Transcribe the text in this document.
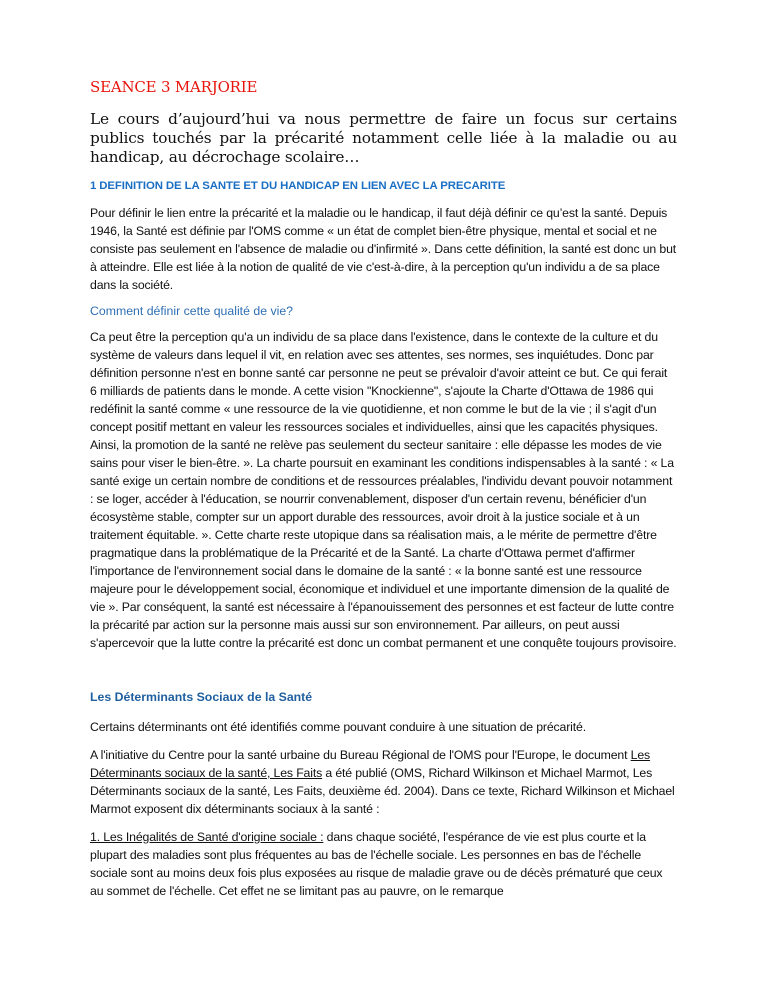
SEANCE 3 MARJORIE

Le cours d’aujourd’hui va nous permettre de faire un focus sur certains publics touchés par la précarité notamment celle liée à la maladie ou au handicap, au décrochage scolaire…

1 DEFINITION DE LA SANTE ET DU HANDICAP EN LIEN AVEC LA PRECARITE

Pour définir le lien entre la précarité et la maladie ou le handicap, il faut déjà définir ce qu’est la santé. Depuis 1946, la Santé est définie par l'OMS comme « un état de complet bien-être physique, mental et social et ne consiste pas seulement en l'absence de maladie ou d'infirmité ». Dans cette définition, la santé est donc un but à atteindre. Elle est liée à la notion de qualité de vie c'est-à-dire, à la perception qu'un individu a de sa place dans la société.

Comment définir cette qualité de vie?

Ca peut être la perception qu'a un individu de sa place dans l'existence, dans le contexte de la culture et du système de valeurs dans lequel il vit, en relation avec ses attentes, ses normes, ses inquiétudes. Donc par définition personne n'est en bonne santé car personne ne peut se prévaloir d'avoir atteint ce but. Ce qui ferait 6 milliards de patients dans le monde. A cette vision "Knockienne", s'ajoute la Charte d'Ottawa de 1986 qui redéfinit la santé comme « une ressource de la vie quotidienne, et non comme le but de la vie ; il s'agit d'un concept positif mettant en valeur les ressources sociales et individuelles, ainsi que les capacités physiques. Ainsi, la promotion de la santé ne relève pas seulement du secteur sanitaire : elle dépasse les modes de vie sains pour viser le bien-être. ». La charte poursuit en examinant les conditions indispensables à la santé : « La santé exige un certain nombre de conditions et de ressources préalables, l'individu devant pouvoir notamment : se loger, accéder à l'éducation, se nourrir convenablement, disposer d'un certain revenu, bénéficier d'un écosystème stable, compter sur un apport durable des ressources, avoir droit à la justice sociale et à un traitement équitable. ». Cette charte reste utopique dans sa réalisation mais, a le mérite de permettre d'être pragmatique dans la problématique de la Précarité et de la Santé. La charte d'Ottawa permet d'affirmer l'importance de l'environnement social dans le domaine de la santé : « la bonne santé est une ressource majeure pour le développement social, économique et individuel et une importante dimension de la qualité de vie ». Par conséquent, la santé est nécessaire à l'épanouissement des personnes et est facteur de lutte contre la précarité par action sur la personne mais aussi sur son environnement. Par ailleurs, on peut aussi s'apercevoir que la lutte contre la précarité est donc un combat permanent et une conquête toujours provisoire.

Les Déterminants Sociaux de la Santé

Certains déterminants ont été identifiés comme pouvant conduire à une situation de précarité.

A l'initiative du Centre pour la santé urbaine du Bureau Régional de l'OMS pour l'Europe, le document Les Déterminants sociaux de la santé, Les Faits a été publié (OMS, Richard Wilkinson et Michael Marmot, Les Déterminants sociaux de la santé, Les Faits, deuxième éd. 2004). Dans ce texte, Richard Wilkinson et Michael Marmot exposent dix déterminants sociaux à la santé :

1. Les Inégalités de Santé d'origine sociale : dans chaque société, l'espérance de vie est plus courte et la plupart des maladies sont plus fréquentes au bas de l'échelle sociale. Les personnes en bas de l'échelle sociale sont au moins deux fois plus exposées au risque de maladie grave ou de décès prématuré que ceux au sommet de l'échelle. Cet effet ne se limitant pas au pauvre, on le remarque
